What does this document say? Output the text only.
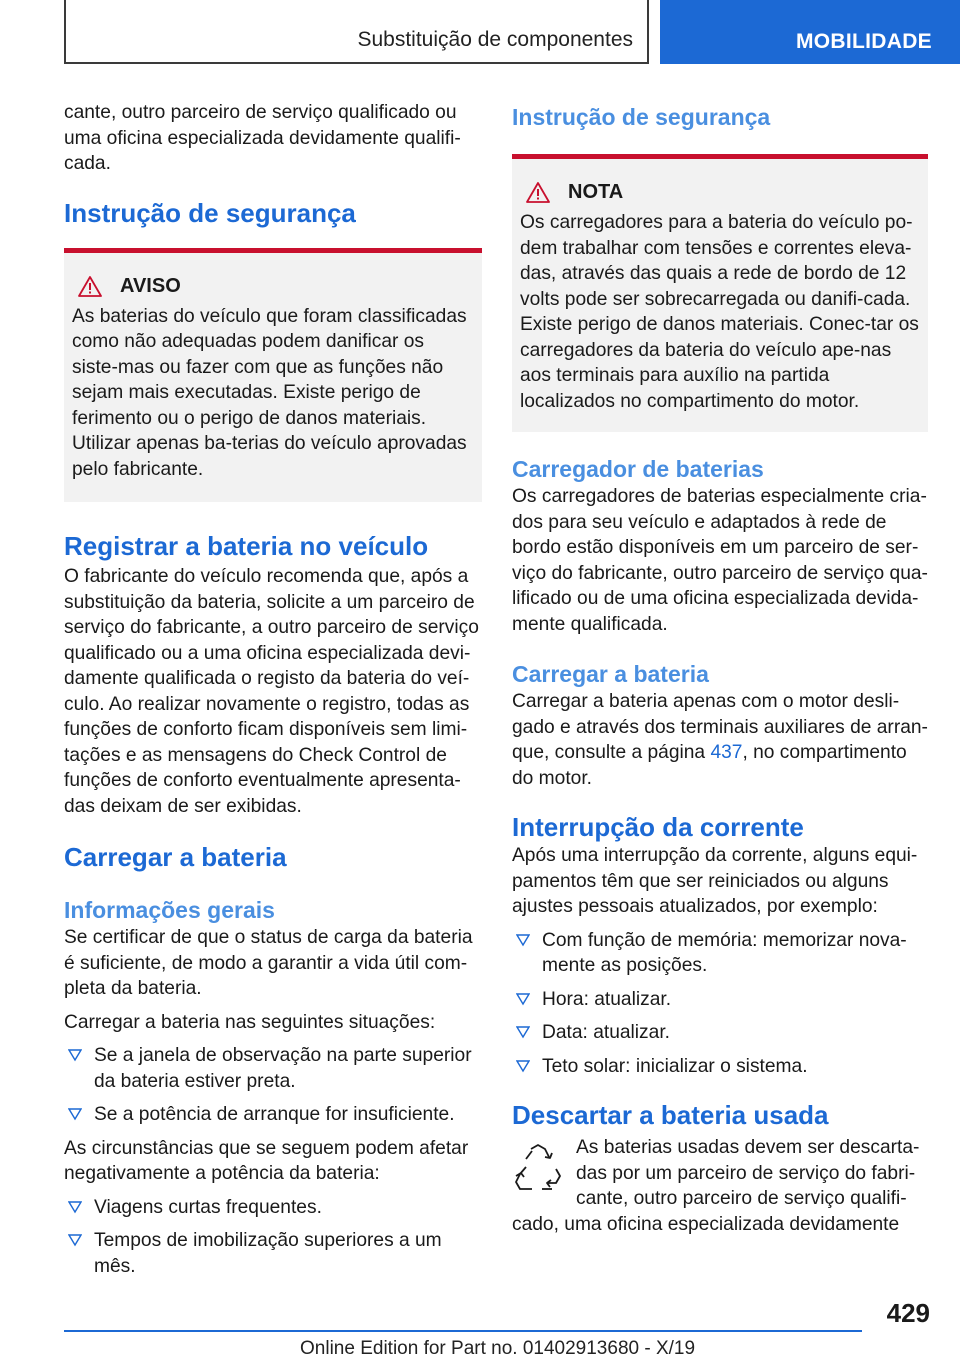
Substituição de componentes	MOBILIDADE

cante, outro parceiro de serviço qualificado ou uma oficina especializada devidamente qualifi-cada.

Instrução de segurança
AVISO

As baterias do veículo que foram classificadas como não adequadas podem danificar os siste-mas ou fazer com que as funções não sejam mais executadas. Existe perigo de ferimento ou o perigo de danos materiais. Utilizar apenas ba-terias do veículo aprovadas pelo fabricante.

Registrar a bateria no veículo

O fabricante do veículo recomenda que, após a substituição da bateria, solicite a um parceiro de serviço do fabricante, a outro parceiro de serviço qualificado ou a uma oficina especializada devi-damente qualificada o registo da bateria do veí-culo. Ao realizar novamente o registro, todas as funções de conforto ficam disponíveis sem limi-tações e as mensagens do Check Control de funções de conforto eventualmente apresenta-das deixam de ser exibidas.

Carregar a bateria
Informações gerais

Se certificar de que o status de carga da bateria é suficiente, de modo a garantir a vida útil com-pleta da bateria.

Carregar a bateria nas seguintes situações:

Se a janela de observação na parte superior da bateria estiver preta.
Se a potência de arranque for insuficiente.

As circunstâncias que se seguem podem afetar negativamente a potência da bateria:

Viagens curtas frequentes.
Tempos de imobilização superiores a um mês.
Instrução de segurança
NOTA

Os carregadores para a bateria do veículo po-dem trabalhar com tensões e correntes eleva-das, através das quais a rede de bordo de 12 volts pode ser sobrecarregada ou danifi-cada. Existe perigo de danos materiais. Conec-tar os carregadores da bateria do veículo ape-nas aos terminais para auxílio na partida localizados no compartimento do motor.

Carregador de baterias

Os carregadores de baterias especialmente cria-dos para seu veículo e adaptados à rede de bordo estão disponíveis em um parceiro de ser-viço do fabricante, outro parceiro de serviço qua-lificado ou de uma oficina especializada devida-mente qualificada.

Carregar a bateria

Carregar a bateria apenas com o motor desli-gado e através dos terminais auxiliares de arran-que, consulte a página 437, no compartimento do motor.

Interrupção da corrente

Após uma interrupção da corrente, alguns equi-pamentos têm que ser reiniciados ou alguns ajustes pessoais atualizados, por exemplo:

Com função de memória: memorizar nova-mente as posições.
Hora: atualizar.
Data: atualizar.
Teto solar: inicializar o sistema.
Descartar a bateria usada

As baterias usadas devem ser descarta-das por um parceiro de serviço do fabri-cante, outro parceiro de serviço qualifi-

cado, uma oficina especializada devidamente

429
Online Edition for Part no. 01402913680 - X/19
